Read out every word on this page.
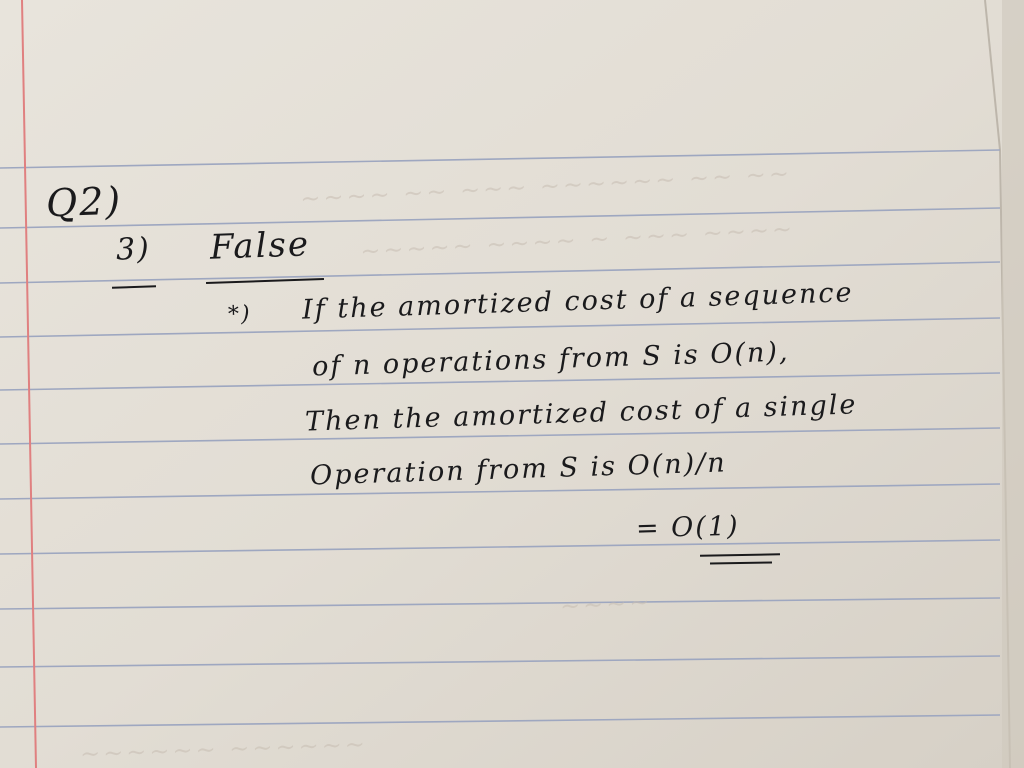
~~~~ ~~ ~~~ ~~~~~~ ~~ ~~
~~~~~ ~~~~ ~ ~~~ ~~~~
~~~~
~~~~~~ ~~~~~~
Q2)
3) False
*) If the amortized cost of a sequence
of n operations from S is O(n),
Then the amortized cost of a single
Operation from S is O(n)/n
= O(1)
